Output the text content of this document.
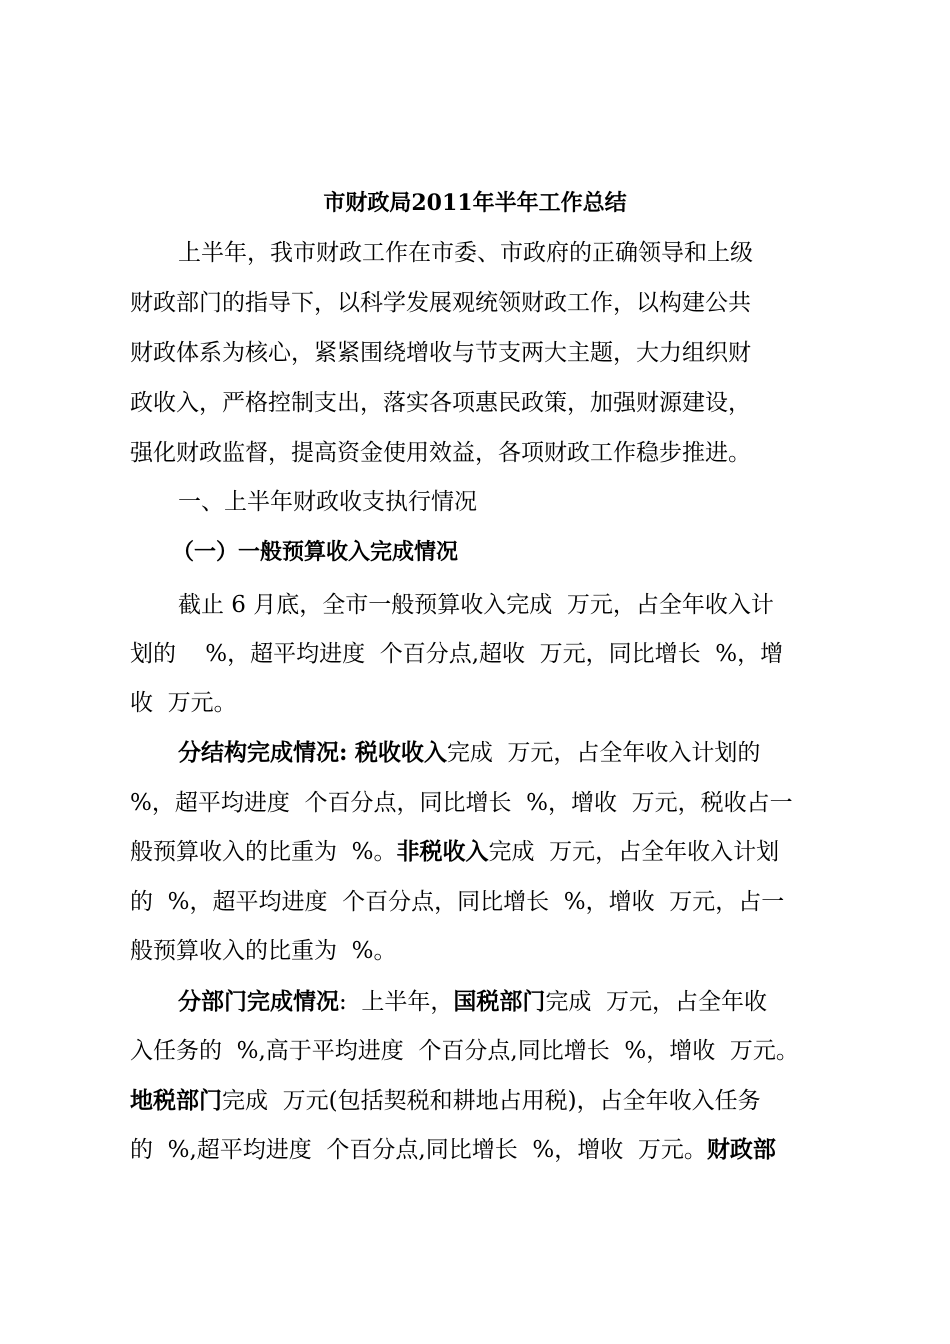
市财政局2011年半年工作总结
上半年，我市财政工作在市委、市政府的正确领导和上级
财政部门的指导下，以科学发展观统领财政工作，以构建公共
财政体系为核心，紧紧围绕增收与节支两大主题，大力组织财
政收入，严格控制支出，落实各项惠民政策，加强财源建设，
强化财政监督，提高资金使用效益，各项财政工作稳步推进。
一、上半年财政收支执行情况
（一）一般预算收入完成情况
截止 6 月底，全市一般预算收入完成  万元，占全年收入计
划的    %，超平均进度  个百分点,超收  万元，同比增长  %，增
收  万元。
分结构完成情况: 税收收入完成  万元，占全年收入计划的
%，超平均进度  个百分点，同比增长  %，增收  万元，税收占一
般预算收入的比重为  %。非税收入完成  万元，占全年收入计划
的  %，超平均进度  个百分点，同比增长  %，增收  万元，占一
般预算收入的比重为  %。
分部门完成情况:  上半年，国税部门完成  万元，占全年收
入任务的  %,高于平均进度  个百分点,同比增长  %，增收  万元。
地税部门完成  万元(包括契税和耕地占用税)，占全年收入任务
的  %,超平均进度  个百分点,同比增长  %，增收  万元。财政部
